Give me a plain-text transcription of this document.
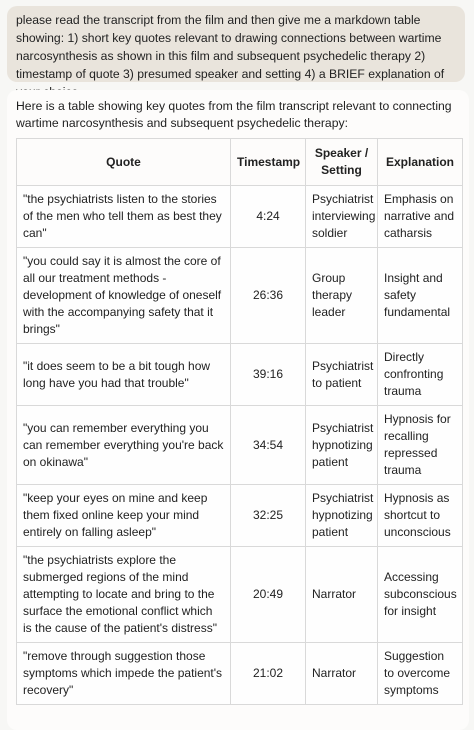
please read the transcript from the film and then give me a markdown table showing: 1) short key quotes relevant to drawing connections between wartime narcosynthesis as shown in this film and subsequent psychedelic therapy 2) timestamp of quote 3) presumed speaker and setting 4) a BRIEF explanation of
Here is a table showing key quotes from the film transcript relevant to connecting wartime narcosynthesis and subsequent psychedelic therapy:
Quote	Timestamp	Speaker / Setting	Explanation
"the psychiatrists listen to the stories of the men who tell them as best they can"	4:24	Psychiatrist interviewing soldier	Emphasis on narrative and catharsis
"you could say it is almost the core of all our treatment methods - development of knowledge of oneself with the accompanying safety that it brings"	26:36	Group therapy leader	Insight and safety fundamental
"it does seem to be a bit tough how long have you had that trouble"	39:16	Psychiatrist to patient	Directly confronting trauma
"you can remember everything you can remember everything you're back on okinawa"	34:54	Psychiatrist hypnotizing patient	Hypnosis for recalling repressed trauma
"keep your eyes on mine and keep them fixed online keep your mind entirely on falling asleep"	32:25	Psychiatrist hypnotizing patient	Hypnosis as shortcut to unconscious
"the psychiatrists explore the submerged regions of the mind attempting to locate and bring to the surface the emotional conflict which is the cause of the patient's distress"	20:49	Narrator	Accessing subconscious for insight
"remove through suggestion those symptoms which impede the patient's recovery"	21:02	Narrator	Suggestion to overcome symptoms
